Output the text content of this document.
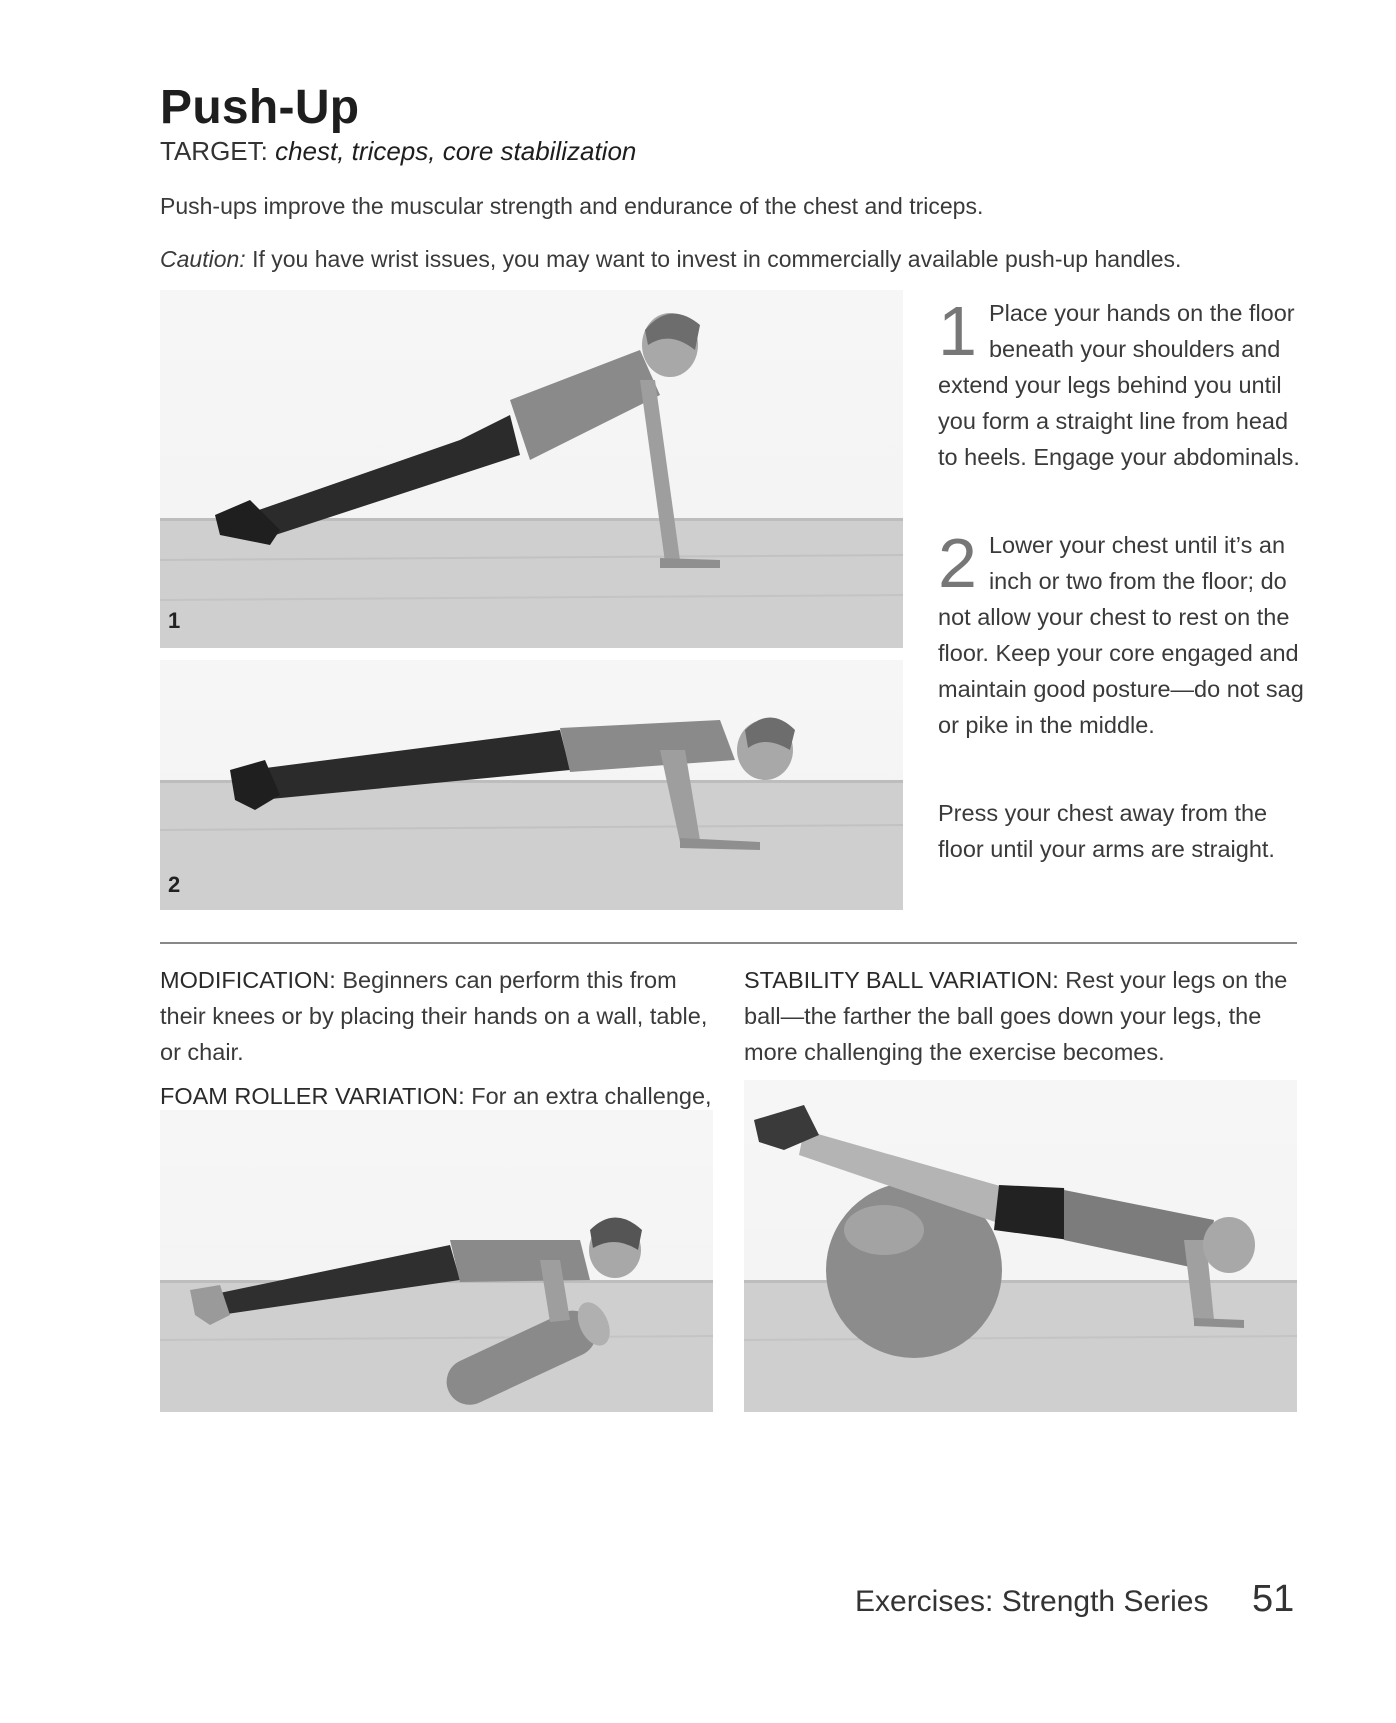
Push-Up
TARGET: chest, triceps, core stabilization
Push-ups improve the muscular strength and endurance of the chest and triceps.
Caution: If you have wrist issues, you may want to invest in commercially available push-up handles.
1
2
1 Place your hands on the floor beneath your shoulders and extend your legs behind you until you form a straight line from head to heels. Engage your abdominals.
2 Lower your chest until it’s an inch or two from the floor; do not allow your chest to rest on the floor. Keep your core engaged and maintain good posture—do not sag or pike in the middle.
Press your chest away from the floor until your arms are straight.
MODIFICATION: Beginners can perform this from their knees or by placing their hands on a wall, table, or chair.
FOAM ROLLER VARIATION: For an extra challenge,
STABILITY BALL VARIATION: Rest your legs on the ball—the farther the ball goes down your legs, the more challenging the exercise becomes.
Exercises: Strength Series 51
